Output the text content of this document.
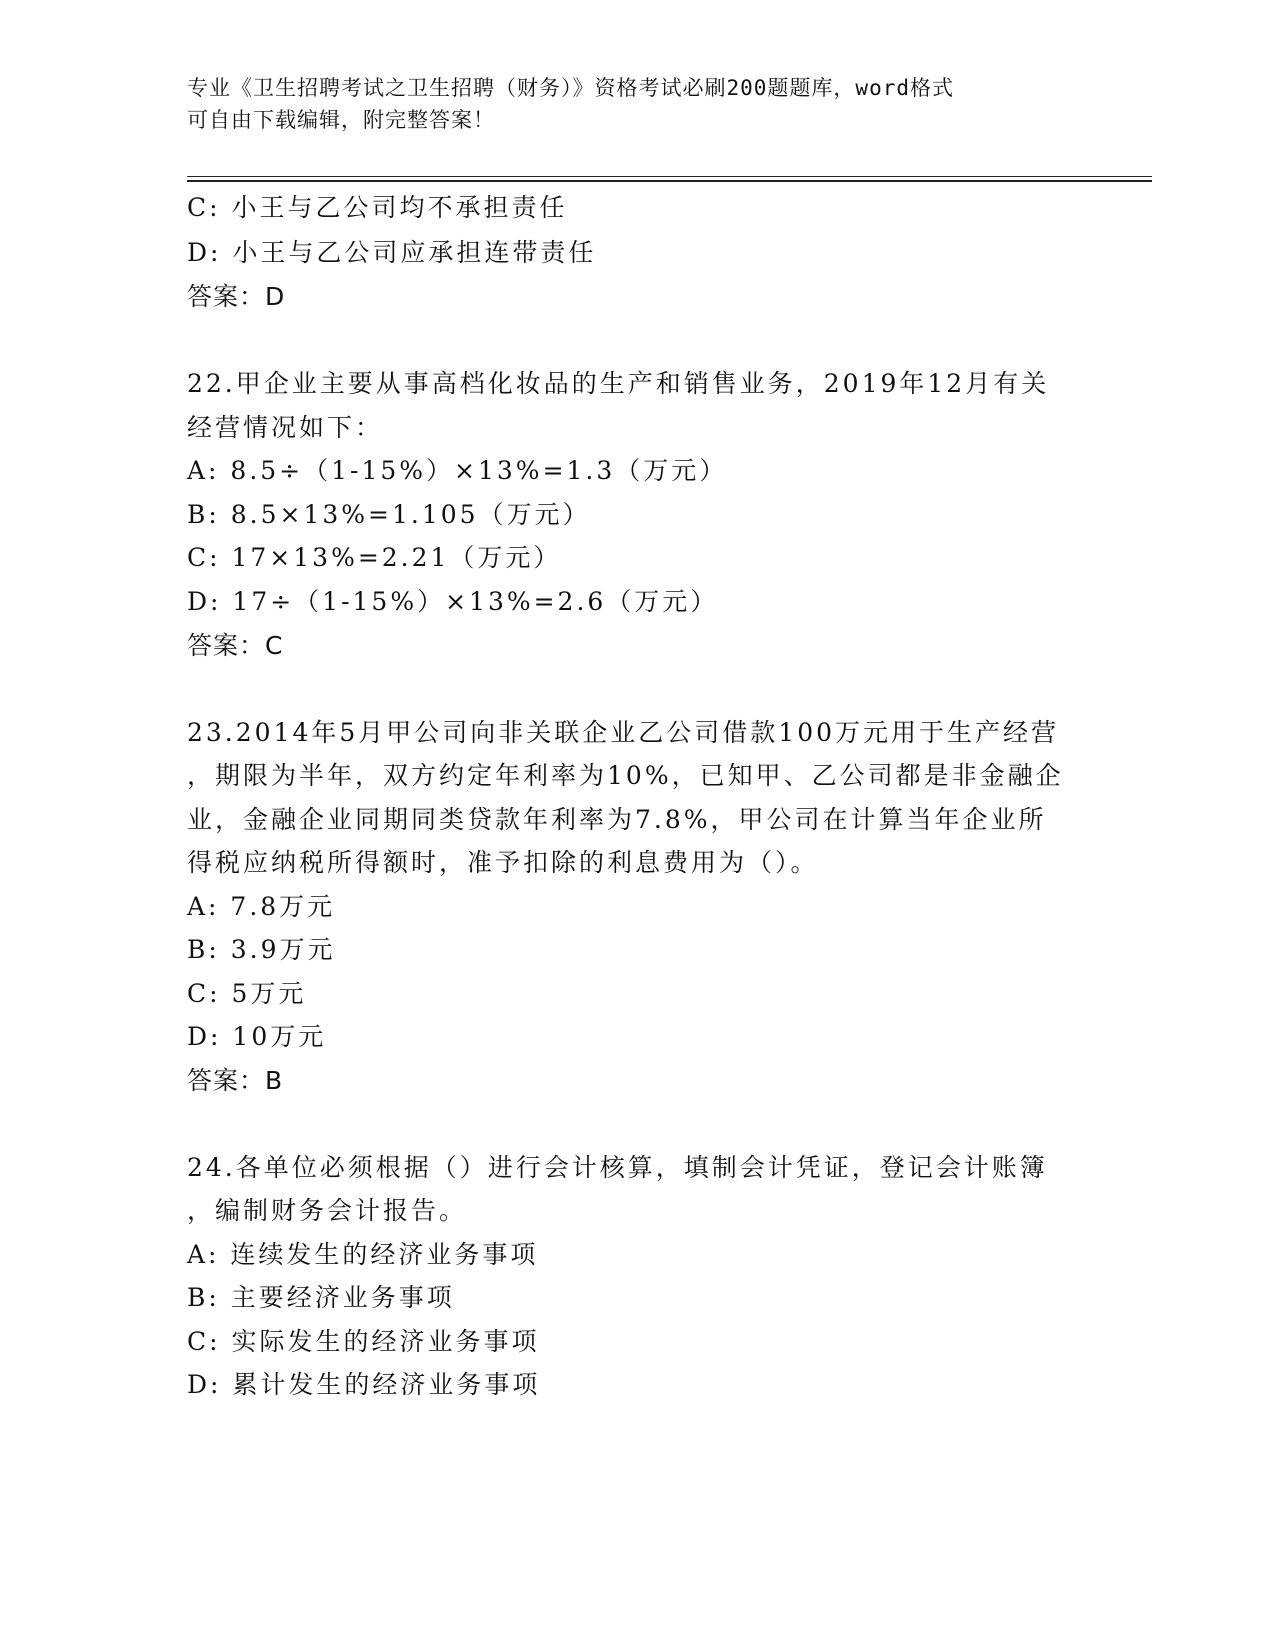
专业《卫生招聘考试之卫生招聘（财务）》资格考试必刷200题题库，word格式
可自由下载编辑，附完整答案！
C: 小王与乙公司均不承担责任
D: 小王与乙公司应承担连带责任
答案：D
22.甲企业主要从事高档化妆品的生产和销售业务，2019年12月有关
经营情况如下：
A: 8.5÷（1-15%）×13%=1.3（万元）
B: 8.5×13%=1.105（万元）
C: 17×13%=2.21（万元）
D: 17÷（1-15%）×13%=2.6（万元）
答案：C
23.2014年5月甲公司向非关联企业乙公司借款100万元用于生产经营
，期限为半年，双方约定年利率为10%，已知甲、乙公司都是非金融企
业，金融企业同期同类贷款年利率为7.8%，甲公司在计算当年企业所
得税应纳税所得额时，准予扣除的利息费用为（）。
A: 7.8万元
B: 3.9万元
C: 5万元
D: 10万元
答案：B
24.各单位必须根据（）进行会计核算，填制会计凭证，登记会计账簿
，编制财务会计报告。
A: 连续发生的经济业务事项
B: 主要经济业务事项
C: 实际发生的经济业务事项
D: 累计发生的经济业务事项
